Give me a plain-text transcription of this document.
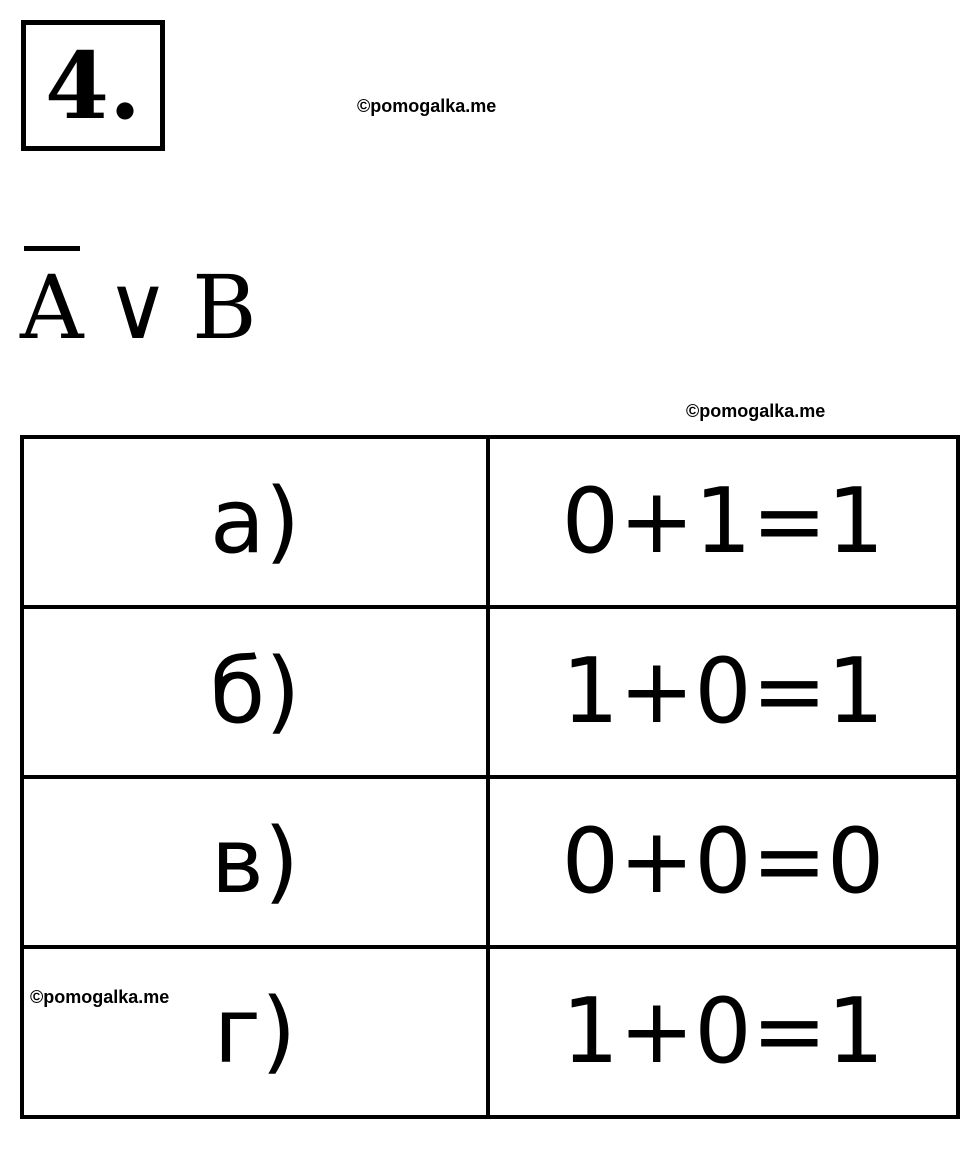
4.	©pomogalka.me
A ∨ B
©pomogalka.me
а)	0+1=1
б)	1+0=1
в)	0+0=0
г)	1+0=1
©pomogalka.me
